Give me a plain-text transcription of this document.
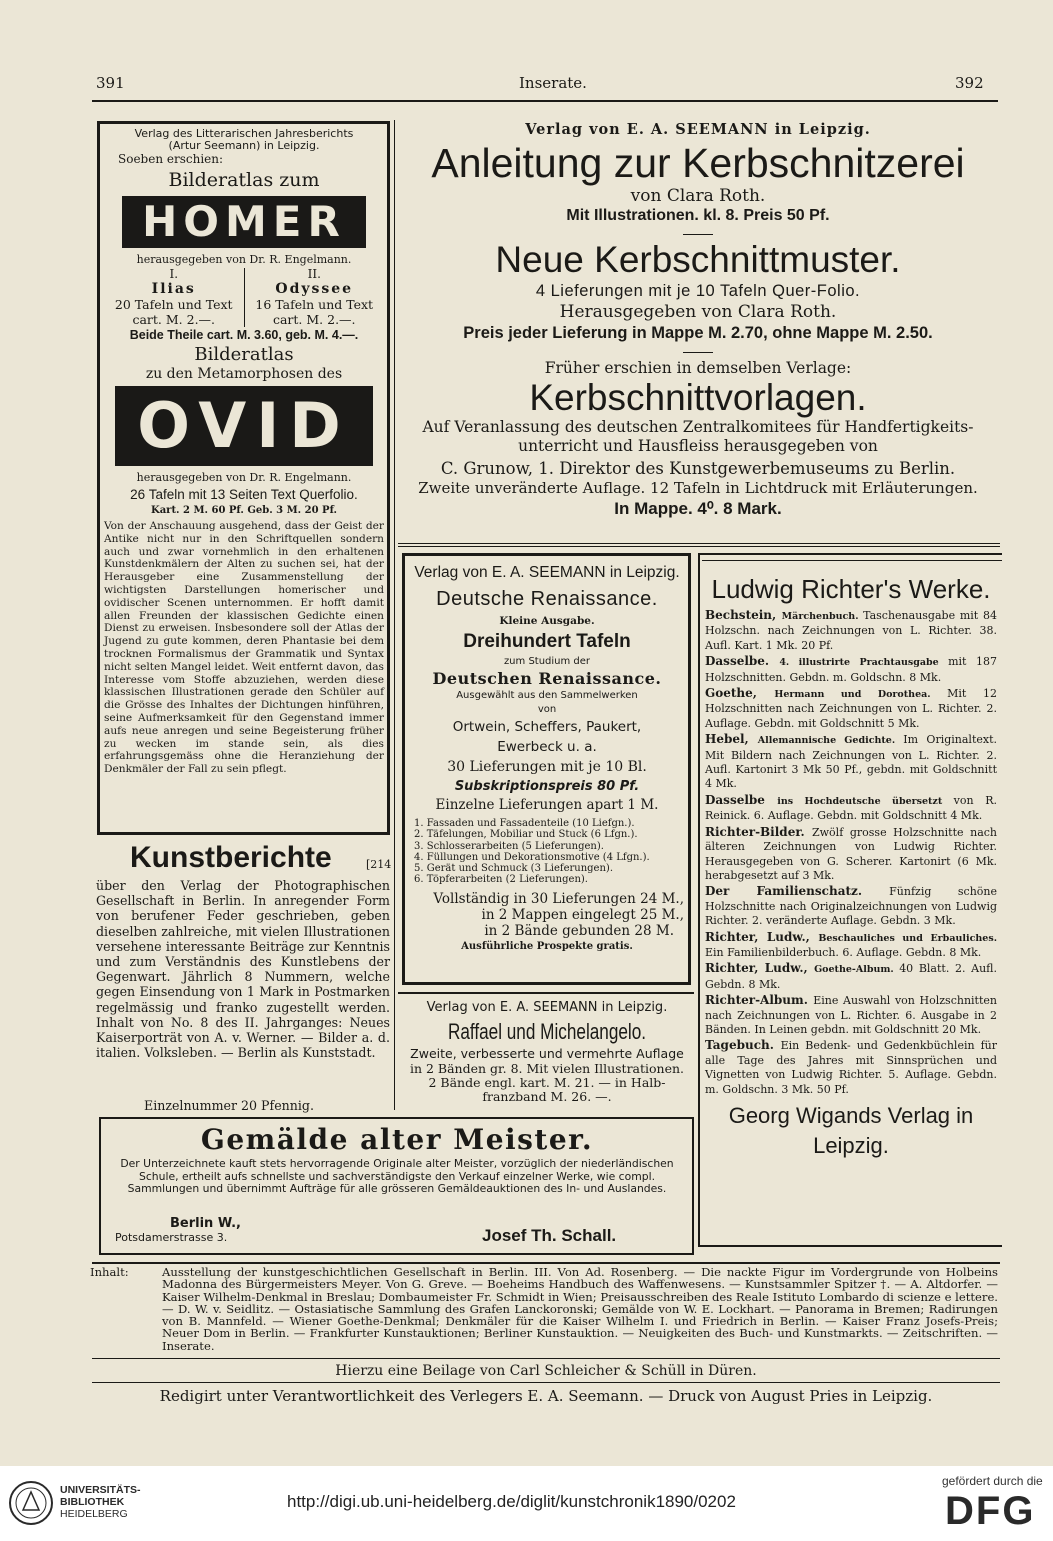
391	Inserate.	392
Verlag des Litterarischen Jahresberichts
(Artur Seemann) in Leipzig.
Soeben erschien:
Bilderatlas zum
HOMER
herausgegeben von Dr. R. Engelmann.
I.
Ilias
20 Tafeln und Text
cart. M. 2.—.
II.
Odyssee
16 Tafeln und Text
cart. M. 2.—.
Beide Theile cart. M. 3.60, geb. M. 4.—.
Bilderatlas
zu den Metamorphosen des
OVID
herausgegeben von Dr. R. Engelmann.
26 Tafeln mit 13 Seiten Text Querfolio.
Kart. 2 M. 60 Pf. Geb. 3 M. 20 Pf.
Von der Anschauung ausgehend, dass der Geist der Antike nicht nur in den Schriftquellen sondern auch und zwar vornehmlich in den erhaltenen Kunstdenkmälern der Alten zu suchen sei, hat der Herausgeber eine Zusammenstellung der wichtigsten Darstellungen homerischer und ovidischer Scenen unternommen. Er hofft damit allen Freunden der klassischen Gedichte einen Dienst zu erweisen. Insbesondere soll der Atlas der Jugend zu gute kommen, deren Phantasie bei dem trocknen Formalismus der Grammatik und Syntax nicht selten Mangel leidet. Weit entfernt davon, das Interesse vom Stoffe abzuziehen, werden diese klassischen Illustrationen gerade den Schüler auf die Grösse des Inhaltes der Dichtungen hinführen, seine Aufmerksamkeit für den Gegenstand immer aufs neue anregen und seine Begeisterung früher zu wecken im stande sein, als dies erfahrungsgemäss ohne die Heranziehung der Denkmäler der Fall zu sein pflegt.
Kunstberichte	[214
über den Verlag der Photographischen Gesellschaft in Berlin. In anregender Form von berufener Feder geschrieben, geben dieselben zahlreiche, mit vielen Illustrationen versehene interessante Beiträge zur Kenntnis und zum Verständnis des Kunstlebens der Gegenwart. Jährlich 8 Nummern, welche gegen Einsendung von 1 Mark in Postmarken regelmässig und franko zugestellt werden. Inhalt von No. 8 des II. Jahrganges: Neues Kaiserporträt von A. v. Werner. — Bilder a. d. italien. Volksleben. — Berlin als Kunststadt.
Einzelnummer 20 Pfennig.
Verlag von E. A. SEEMANN in Leipzig.
Anleitung zur Kerbschnitzerei
von Clara Roth.
Mit Illustrationen. kl. 8. Preis 50 Pf.
Neue Kerbschnittmuster.
4 Lieferungen mit je 10 Tafeln Quer-Folio.
Herausgegeben von Clara Roth.
Preis jeder Lieferung in Mappe M. 2.70, ohne Mappe M. 2.50.
Früher erschien in demselben Verlage:
Kerbschnittvorlagen.
Auf Veranlassung des deutschen Zentralkomitees für Handfertigkeits-
unterricht und Hausfleiss herausgegeben von
C. Grunow, 1. Direktor des Kunstgewerbemuseums zu Berlin.
Zweite unveränderte Auflage. 12 Tafeln in Lichtdruck mit Erläuterungen.
In Mappe. 4⁰. 8 Mark.
Verlag von E. A. SEEMANN in Leipzig.
Deutsche Renaissance.
Kleine Ausgabe.
Dreihundert Tafeln
zum Studium der
Deutschen Renaissance.
Ausgewählt aus den Sammelwerken
von
Ortwein, Scheffers, Paukert,
Ewerbeck u. a.
30 Lieferungen mit je 10 Bl.
Subskriptionspreis 80 Pf.
Einzelne Lieferungen apart 1 M.
1. Fassaden und Fassadenteile (10 Liefgn.).
2. Täfelungen, Mobiliar und Stuck (6 Lfgn.).
3. Schlosserarbeiten (5 Lieferungen).
4. Füllungen und Dekorationsmotive (4 Lfgn.).
5. Gerät und Schmuck (3 Lieferungen).
6. Töpferarbeiten (2 Lieferungen).
Vollständig in 30 Lieferungen 24 M.,
in 2 Mappen eingelegt 25 M.,
in 2 Bände gebunden 28 M.
Ausführliche Prospekte gratis.
Verlag von E. A. SEEMANN in Leipzig.
Raffael und Michelangelo.
Zweite, verbesserte und vermehrte Auflage
in 2 Bänden gr. 8. Mit vielen Illustrationen.
2 Bände engl. kart. M. 21. — in Halb-
franzband M. 26. —.
Ludwig Richter's Werke.
Bechstein, Märchenbuch. Taschenausgabe mit 84 Holzschn. nach Zeichnungen von L. Richter. 38. Aufl. Kart. 1 Mk. 20 Pf.
Dasselbe. 4. illustrirte Prachtausgabe mit 187 Holzschnitten. Gebdn. m. Goldschn. 8 Mk.
Goethe, Hermann und Dorothea. Mit 12 Holzschnitten nach Zeichnungen von L. Richter. 2. Auflage. Gebdn. mit Goldschnitt 5 Mk.
Hebel, Allemannische Gedichte. Im Originaltext. Mit Bildern nach Zeichnungen von L. Richter. 2. Aufl. Kartonirt 3 Mk 50 Pf., gebdn. mit Goldschnitt 4 Mk.
Dasselbe ins Hochdeutsche übersetzt von R. Reinick. 6. Auflage. Gebdn. mit Goldschnitt 4 Mk.
Richter-Bilder. Zwölf grosse Holzschnitte nach älteren Zeichnungen von Ludwig Richter. Herausgegeben von G. Scherer. Kartonirt (6 Mk. herabgesetzt auf 3 Mk.
Der Familienschatz. Fünfzig schöne Holzschnitte nach Originalzeichnungen von Ludwig Richter. 2. veränderte Auflage. Gebdn. 3 Mk.
Richter, Ludw., Beschauliches und Erbauliches. Ein Familienbilderbuch. 6. Auflage. Gebdn. 8 Mk.
Richter, Ludw., Goethe-Album. 40 Blatt. 2. Aufl. Gebdn. 8 Mk.
Richter-Album. Eine Auswahl von Holzschnitten nach Zeichnungen von L. Richter. 6. Ausgabe in 2 Bänden. In Leinen gebdn. mit Goldschnitt 20 Mk.
Tagebuch. Ein Bedenk- und Gedenkbüchlein für alle Tage des Jahres mit Sinnsprüchen und Vignetten von Ludwig Richter. 5. Auflage. Gebdn. m. Goldschn. 3 Mk. 50 Pf.
Georg Wigands Verlag in Leipzig.
Gemälde alter Meister.
Der Unterzeichnete kauft stets hervorragende Originale alter Meister, vorzüglich der niederländischen Schule, ertheilt aufs schnellste und sachverständigste den Verkauf einzelner Werke, wie compl. Sammlungen und übernimmt Aufträge für alle grösseren Gemäldeauktionen des In- und Auslandes.
Berlin W.,
Potsdamerstrasse 3.	Josef Th. Schall.
Inhalt:	Ausstellung der kunstgeschichtlichen Gesellschaft in Berlin. III. Von Ad. Rosenberg. — Die nackte Figur im Vordergrunde von Holbeins Madonna des Bürgermeisters Meyer. Von G. Greve. — Boeheims Handbuch des Waffenwesens. — Kunstsammler Spitzer †. — A. Altdorfer. — Kaiser Wilhelm-Denkmal in Breslau; Dombaumeister Fr. Schmidt in Wien; Preisausschreiben des Reale Istituto Lombardo di scienze e lettere. — D. W. v. Seidlitz. — Ostasiatische Sammlung des Grafen Lanckoronski; Gemälde von W. E. Lockhart. — Panorama in Bremen; Radirungen von B. Mannfeld. — Wiener Goethe-Denkmal; Denkmäler für die Kaiser Wilhelm I. und Friedrich in Berlin. — Kaiser Franz Josefs-Preis; Neuer Dom in Berlin. — Frankfurter Kunstauktionen; Berliner Kunstauktion. — Neuigkeiten des Buch- und Kunstmarkts. — Zeitschriften. — Inserate.
Hierzu eine Beilage von Carl Schleicher & Schüll in Düren.
Redigirt unter Verantwortlichkeit des Verlegers E. A. Seemann. — Druck von August Pries in Leipzig.
UNIVERSITÄTS-
BIBLIOTHEK
HEIDELBERG
http://digi.ub.uni-heidelberg.de/diglit/kunstchronik1890/0202
gefördert durch die
DFG
